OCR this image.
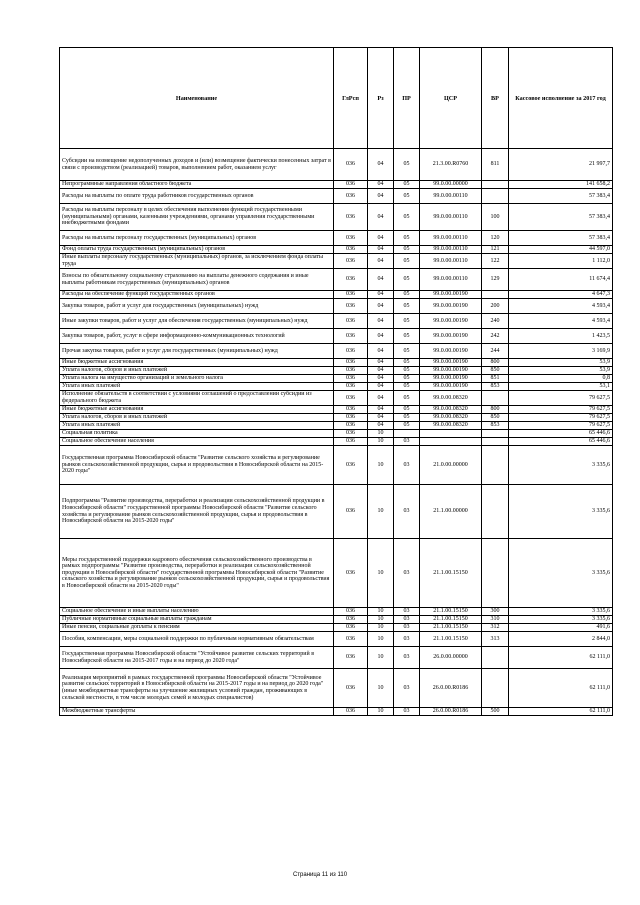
Наименование	ГлРсп	Рз	ПР	ЦСР	ВР	Кассовое исполнение за 2017 год
Субсидии на возмещение недополученных доходов и (или) возмещение фактически понесенных затрат в связи с производством (реализацией) товаров, выполнением работ, оказанием услуг	036	04	05	21.3.00.R0760	811	21 997,7
Непрограммные направления областного бюджета	036	04	05	99.0.00.00000		141 658,2
Расходы на выплаты по оплате труда работников государственных органов	036	04	05	99.0.00.00110		57 383,4
Расходы на выплаты персоналу в целях обеспечения выполнения функций государственными (муниципальными) органами, казенными учреждениями, органами управления государственными внебюджетными фондами	036	04	05	99.0.00.00110	100	57 383,4
Расходы на выплаты персоналу государственных (муниципальных) органов	036	04	05	99.0.00.00110	120	57 383,4
Фонд оплаты труда государственных (муниципальных) органов	036	04	05	99.0.00.00110	121	44 597,0
Иные выплаты персоналу государственных (муниципальных) органов, за исключением фонда оплаты труда	036	04	05	99.0.00.00110	122	1 112,0
Взносы по обязательному социальному страхованию на выплаты денежного содержания и иные выплаты работникам государственных (муниципальных) органов	036	04	05	99.0.00.00110	129	11 674,4
Расходы на обеспечение функций государственных органов	036	04	05	99.0.00.00190		4 647,3
Закупка товаров, работ и услуг для государственных (муниципальных) нужд	036	04	05	99.0.00.00190	200	4 593,4
Иные закупки товаров, работ и услуг для обеспечения государственных (муниципальных) нужд	036	04	05	99.0.00.00190	240	4 593,4
Закупка товаров, работ, услуг в сфере информационно-коммуникационных технологий	036	04	05	99.0.00.00190	242	1 423,5
Прочая закупка товаров, работ и услуг для государственных (муниципальных) нужд	036	04	05	99.0.00.00190	244	3 169,9
Иные бюджетные ассигнования	036	04	05	99.0.00.00190	800	53,9
Уплата налогов, сборов и иных платежей	036	04	05	99.0.00.00190	850	53,9
Уплата налога на имущество организаций и земельного налога	036	04	05	99.0.00.00190	851	0,8
Уплата иных платежей	036	04	05	99.0.00.00190	853	53,1
Исполнение обязательств в соответствии с условиями соглашений о предоставлении субсидии из федерального бюджета	036	04	05	99.0.00.08320		79 627,5
Иные бюджетные ассигнования	036	04	05	99.0.00.08320	800	79 627,5
Уплата налогов, сборов и иных платежей	036	04	05	99.0.00.08320	850	79 627,5
Уплата иных платежей	036	04	05	99.0.00.08320	853	79 627,5
Социальная политика	036	10				65 446,6
Социальное обеспечение населения	036	10	03			65 446,6
Государственная программа Новосибирской области "Развитие сельского хозяйства и регулирование рынков сельскохозяйственной продукции, сырья и продовольствия в Новосибирской области на 2015-2020 годы"	036	10	03	21.0.00.00000		3 335,6
Подпрограмма "Развитие производства, переработки и реализации сельскохозяйственной продукции в Новосибирской области" государственной программы Новосибирской области "Развитие сельского хозяйства и регулирование рынков сельскохозяйственной продукции, сырья и продовольствия в Новосибирской области на 2015-2020 годы"	036	10	03	21.1.00.00000		3 335,6
Меры государственной поддержки кадрового обеспечения сельскохозяйственного производства в рамках подпрограммы "Развитие производства, переработки и реализации сельскохозяйственной продукции в Новосибирской области" государственной программы Новосибирской области "Развитие сельского хозяйства и регулирование рынков сельскохозяйственной продукции, сырья и продовольствия в Новосибирской области на 2015-2020 годы"	036	10	03	21.1.00.15150		3 335,6
Социальное обеспечение и иные выплаты населению	036	10	03	21.1.00.15150	300	3 335,6
Публичные нормативные социальные выплаты гражданам	036	10	03	21.1.00.15150	310	3 335,6
Иные пенсии, социальные доплаты к пенсиям	036	10	03	21.1.00.15150	312	491,6
Пособия, компенсации, меры социальной поддержки по публичным нормативным обязательствам	036	10	03	21.1.00.15150	313	2 844,0
Государственная программа Новосибирской области "Устойчивое развитие сельских территорий в Новосибирской области на 2015-2017 годы и на период до 2020 года"	036	10	03	26.0.00.00000		62 111,0
Реализация мероприятий в рамках государственной программы Новосибирской области "Устойчивое развитие сельских территорий в Новосибирской области на 2015-2017 годы и на период до 2020 года" (иные межбюджетные трансферты на улучшение жилищных условий граждан, проживающих в сельской местности, в том числе молодых семей и молодых специалистов)	036	10	03	26.0.00.R0186		62 111,0
Межбюджетные трансферты	036	10	03	26.0.00.R0186	500	62 111,0
Страница 11 из 110
